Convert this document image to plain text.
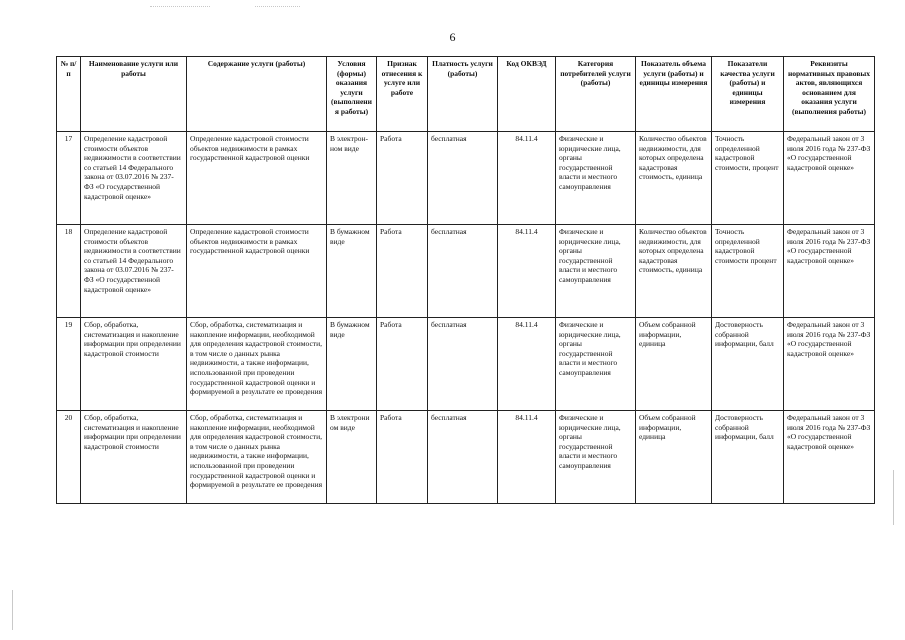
6
№ п/п	Наименование услуги или работы	Содержание услуги (работы)	Условия (формы) оказания услуги (выполнения работы)	Признак отнесения к услуге или работе	Платность услуги (работы)	Код ОКВЭД	Категория потребителей услуги (работы)	Показатель объема услуги (работы) и единицы измерения	Показатели качества услуги (работы) и единицы измерения	Реквизиты нормативных правовых актов, являющихся основанием для оказания услуги (выполнения работы)
17	Определение кадастровой стоимости объектов недвижимости в соответствии со статьей 14 Федерального закона от 03.07.2016 № 237-ФЗ «О государственной кадастровой оценке»	Определение кадастровой стоимости объектов недвижимости в рамках государственной кадастровой оценки	В электрон-ном виде	Работа	бесплатная	84.11.4	Физические и юридические лица, органы государственной власти и местного самоуправления	Количество объектов недвижимости, для которых определена кадастровая стоимость, единица	Точность определенной кадастровой стоимости, процент	Федеральный закон от 3 июля 2016 года № 237-ФЗ «О государственной кадастровой оценке»
18	Определение кадастровой стоимости объектов недвижимости в соответствии со статьей 14 Федерального закона от 03.07.2016 № 237-ФЗ «О государственной кадастровой оценке»	Определение кадастровой стоимости объектов недвижимости в рамках государственной кадастровой оценки	В бумажном виде	Работа	бесплатная	84.11.4	Физические и юридические лица, органы государственной власти и местного самоуправления	Количество объектов недвижимости, для которых определена кадастровая стоимость, единица	Точность определенной кадастровой стоимости процент	Федеральный закон от 3 июля 2016 года № 237-ФЗ «О государственной кадастровой оценке»
19	Сбор, обработка, систематизация и накопление информации при определении кадастровой стоимости	Сбор, обработка, систематизация и накопление информации, необходимой для определения кадастровой стоимости, в том числе о данных рынка недвижимости, а также информации, использованной при проведении государственной кадастровой оценки и формируемой в результате ее проведения	В бумажном виде	Работа	бесплатная	84.11.4	Физические и юридические лица, органы государственной власти и местного самоуправления	Объем собранной информации, единица	Достоверность собранной информации, балл	Федеральный закон от 3 июля 2016 года № 237-ФЗ «О государственной кадастровой оценке»
20	Сбор, обработка, систематизация и накопление информации при определении кадастровой стоимости	Сбор, обработка, систематизация и накопление информации, необходимой для определения кадастровой стоимости, в том числе о данных рынка недвижимости, а также информации, использованной при проведении государственной кадастровой оценки и формируемой в результате ее проведения	В электрони ом виде	Работа	бесплатная	84.11.4	Физические и юридические лица, органы государственной власти и местного самоуправления	Объем собранной информации, единица	Достоверность собранной информации, балл	Федеральный закон от 3 июля 2016 года № 237-ФЗ «О государственной кадастровой оценке»
